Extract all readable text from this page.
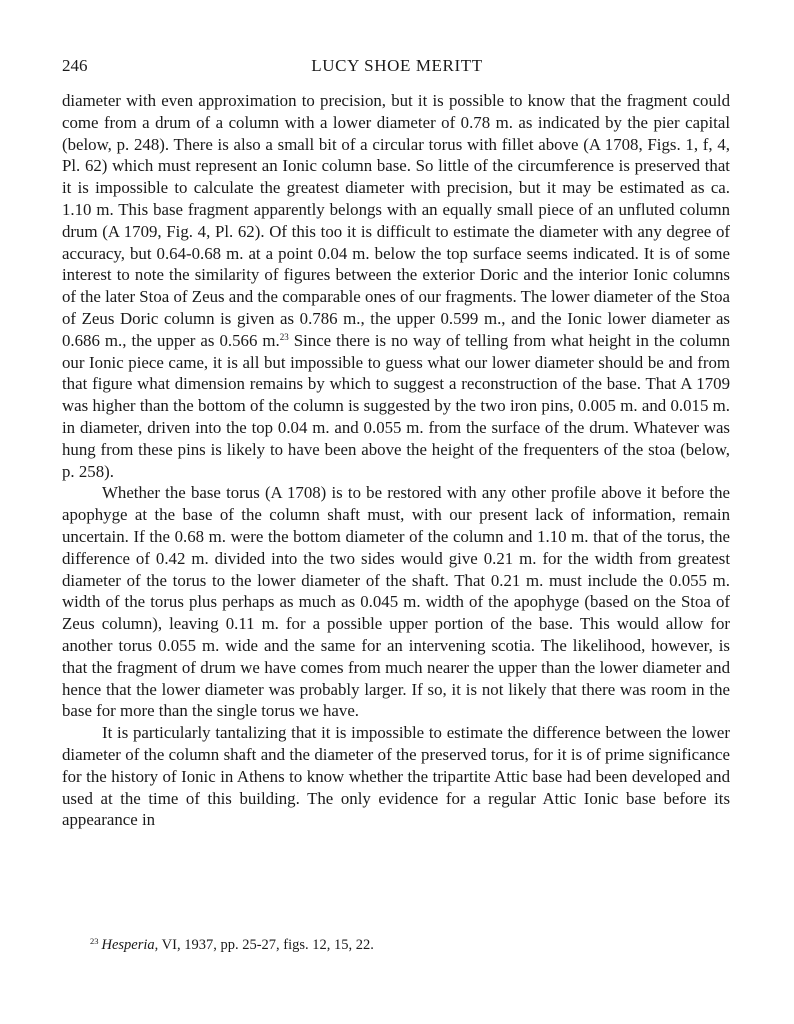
246	LUCY SHOE MERITT

diameter with even approximation to precision, but it is possible to know that the fragment could come from a drum of a column with a lower diameter of 0.78 m. as indicated by the pier capital (below, p. 248). There is also a small bit of a circular torus with fillet above (A 1708, Figs. 1, f, 4, Pl. 62) which must represent an Ionic column base. So little of the circumference is preserved that it is impossible to calculate the greatest diameter with precision, but it may be estimated as ca. 1.10 m. This base fragment apparently belongs with an equally small piece of an unfluted column drum (A 1709, Fig. 4, Pl. 62). Of this too it is difficult to estimate the diameter with any degree of accuracy, but 0.64-0.68 m. at a point 0.04 m. below the top surface seems indicated. It is of some interest to note the similarity of figures between the exterior Doric and the interior Ionic columns of the later Stoa of Zeus and the comparable ones of our fragments. The lower diameter of the Stoa of Zeus Doric column is given as 0.786 m., the upper 0.599 m., and the Ionic lower diameter as 0.686 m., the upper as 0.566 m.$^{23}$ Since there is no way of telling from what height in the column our Ionic piece came, it is all but impossible to guess what our lower diameter should be and from that figure what dimension remains by which to suggest a reconstruction of the base. That A 1709 was higher than the bottom of the column is suggested by the two iron pins, 0.005 m. and 0.015 m. in diameter, driven into the top 0.04 m. and 0.055 m. from the surface of the drum. Whatever was hung from these pins is likely to have been above the height of the frequenters of the stoa (below, p. 258).

Whether the base torus (A 1708) is to be restored with any other profile above it before the apophyge at the base of the column shaft must, with our present lack of information, remain uncertain. If the 0.68 m. were the bottom diameter of the column and 1.10 m. that of the torus, the difference of 0.42 m. divided into the two sides would give 0.21 m. for the width from greatest diameter of the torus to the lower diameter of the shaft. That 0.21 m. must include the 0.055 m. width of the torus plus perhaps as much as 0.045 m. width of the apophyge (based on the Stoa of Zeus column), leaving 0.11 m. for a possible upper portion of the base. This would allow for another torus 0.055 m. wide and the same for an intervening scotia. The likelihood, however, is that the fragment of drum we have comes from much nearer the upper than the lower diameter and hence that the lower diameter was probably larger. If so, it is not likely that there was room in the base for more than the single torus we have.

It is particularly tantalizing that it is impossible to estimate the difference between the lower diameter of the column shaft and the diameter of the preserved torus, for it is of prime significance for the history of Ionic in Athens to know whether the tripartite Attic base had been developed and used at the time of this building. The only evidence for a regular Attic Ionic base before its appearance in

$^{23}$ Hesperia, VI, 1937, pp. 25-27, figs. 12, 15, 22.
